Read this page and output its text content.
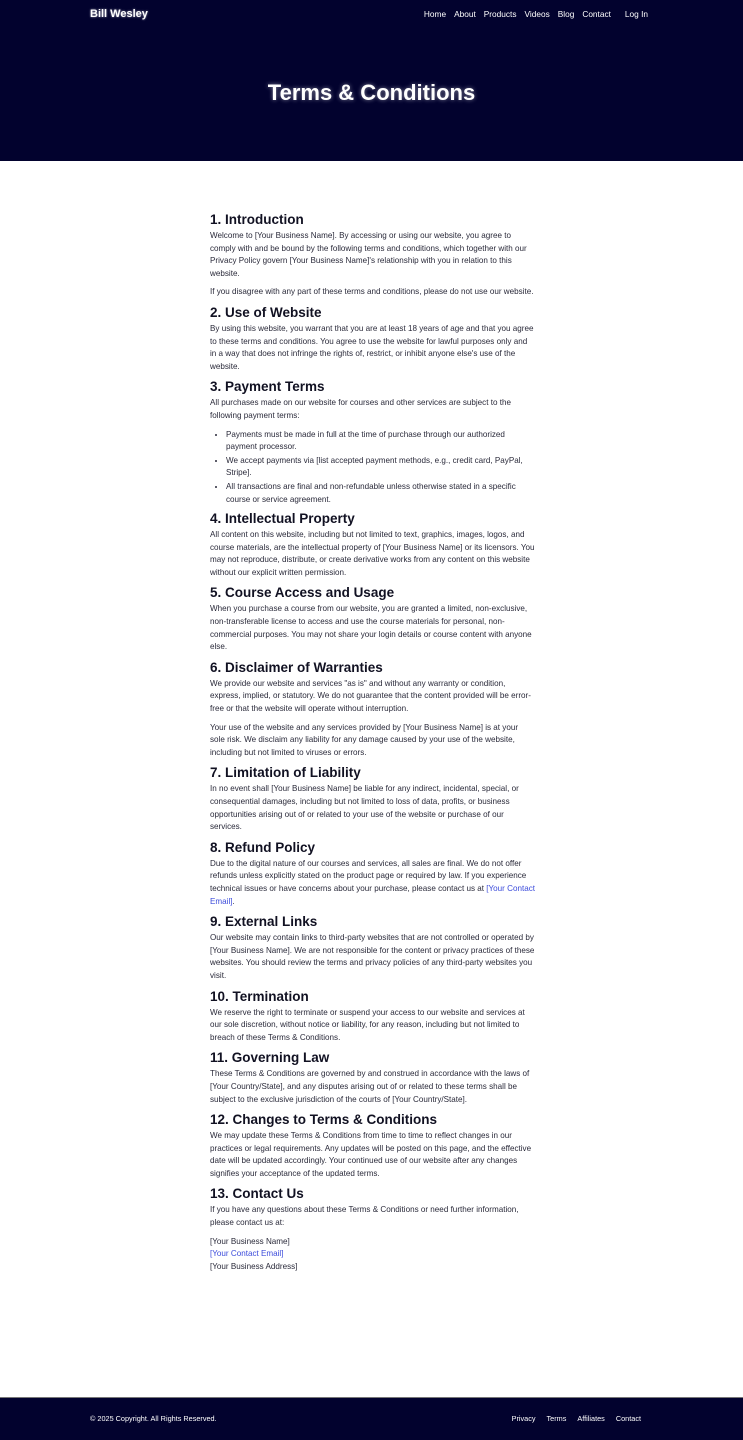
Bill Wesley	Home About Products Videos Blog Contact Log In
Terms & Conditions
1. Introduction

Welcome to [Your Business Name]. By accessing or using our website, you agree to comply with and be bound by the following terms and conditions, which together with our Privacy Policy govern [Your Business Name]'s relationship with you in relation to this website.

If you disagree with any part of these terms and conditions, please do not use our website.

2. Use of Website

By using this website, you warrant that you are at least 18 years of age and that you agree to these terms and conditions. You agree to use the website for lawful purposes only and in a way that does not infringe the rights of, restrict, or inhibit anyone else's use of the website.

3. Payment Terms

All purchases made on our website for courses and other services are subject to the following payment terms:

• Payments must be made in full at the time of purchase through our authorized payment processor.
• We accept payments via [list accepted payment methods, e.g., credit card, PayPal, Stripe].
• All transactions are final and non-refundable unless otherwise stated in a specific course or service agreement.
4. Intellectual Property

All content on this website, including but not limited to text, graphics, images, logos, and course materials, are the intellectual property of [Your Business Name] or its licensors. You may not reproduce, distribute, or create derivative works from any content on this website without our explicit written permission.

5. Course Access and Usage

When you purchase a course from our website, you are granted a limited, non-exclusive, non-transferable license to access and use the course materials for personal, non-commercial purposes. You may not share your login details or course content with anyone else.

6. Disclaimer of Warranties

We provide our website and services "as is" and without any warranty or condition, express, implied, or statutory. We do not guarantee that the content provided will be error-free or that the website will operate without interruption.

Your use of the website and any services provided by [Your Business Name] is at your sole risk. We disclaim any liability for any damage caused by your use of the website, including but not limited to viruses or errors.

7. Limitation of Liability

In no event shall [Your Business Name] be liable for any indirect, incidental, special, or consequential damages, including but not limited to loss of data, profits, or business opportunities arising out of or related to your use of the website or purchase of our services.

8. Refund Policy

Due to the digital nature of our courses and services, all sales are final. We do not offer refunds unless explicitly stated on the product page or required by law. If you experience technical issues or have concerns about your purchase, please contact us at [Your Contact Email].

9. External Links

Our website may contain links to third-party websites that are not controlled or operated by [Your Business Name]. We are not responsible for the content or privacy practices of these websites. You should review the terms and privacy policies of any third-party websites you visit.

10. Termination

We reserve the right to terminate or suspend your access to our website and services at our sole discretion, without notice or liability, for any reason, including but not limited to breach of these Terms & Conditions.

11. Governing Law

These Terms & Conditions are governed by and construed in accordance with the laws of [Your Country/State], and any disputes arising out of or related to these terms shall be subject to the exclusive jurisdiction of the courts of [Your Country/State].

12. Changes to Terms & Conditions

We may update these Terms & Conditions from time to time to reflect changes in our practices or legal requirements. Any updates will be posted on this page, and the effective date will be updated accordingly. Your continued use of our website after any changes signifies your acceptance of the updated terms.

13. Contact Us

If you have any questions about these Terms & Conditions or need further information, please contact us at:

[Your Business Name]
[Your Contact Email]
[Your Business Address]
© 2025 Copyright. All Rights Reserved.	Privacy Terms Affiliates Contact
